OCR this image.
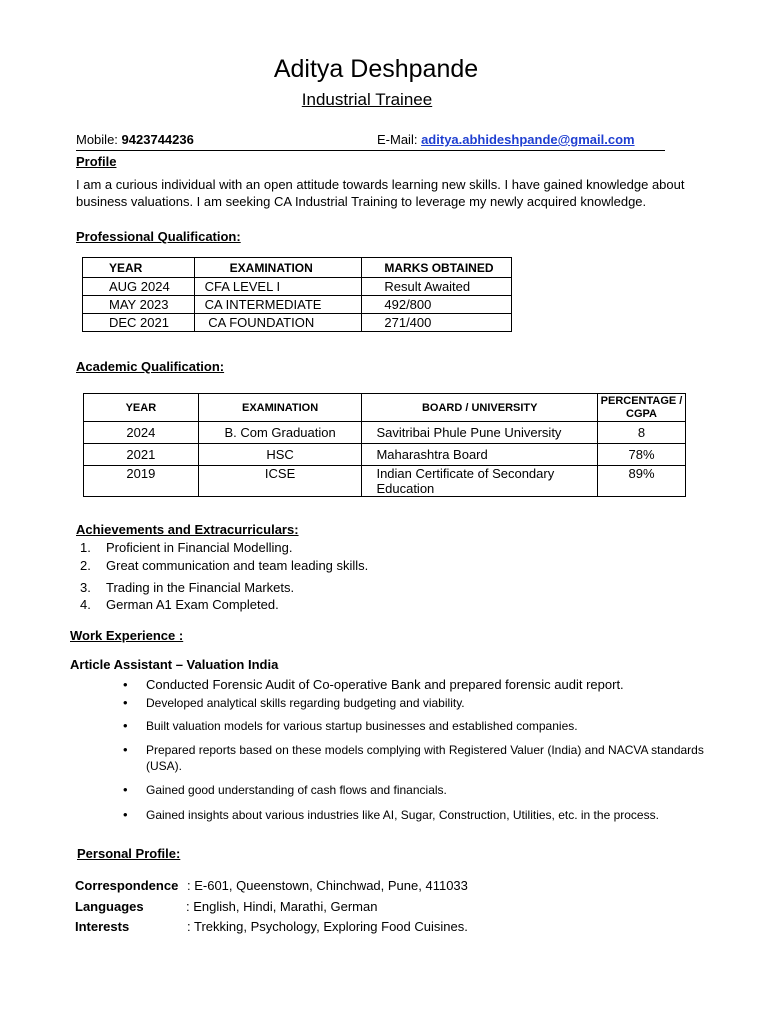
Aditya Deshpande
Industrial Trainee
Mobile: 9423744236	E-Mail: aditya.abhideshpande@gmail.com
Profile

I am a curious individual with an open attitude towards learning new skills. I have gained knowledge about business valuations. I am seeking CA Industrial Training to leverage my newly acquired knowledge.

Professional Qualification:
YEAR	EXAMINATION	MARKS OBTAINED
AUG 2024	CFA LEVEL I	Result Awaited
MAY 2023	CA INTERMEDIATE	492/800
DEC 2021	CA FOUNDATION	271/400
Academic Qualification:
YEAR	EXAMINATION	BOARD / UNIVERSITY	PERCENTAGE / CGPA
2024	B. Com Graduation	Savitribai Phule Pune University	8
2021	HSC	Maharashtra Board	78%
2019	ICSE	Indian Certificate of Secondary Education	89%
Achievements and Extracurriculars:
1. Proficient in Financial Modelling.
2. Great communication and team leading skills.
3. Trading in the Financial Markets.
4. German A1 Exam Completed.
Work Experience :
Article Assistant – Valuation India
• Conducted Forensic Audit of Co-operative Bank and prepared forensic audit report.
• Developed analytical skills regarding budgeting and viability.
• Built valuation models for various startup businesses and established companies.
• Prepared reports based on these models complying with Registered Valuer (India) and NACVA standards (USA).
• Gained good understanding of cash flows and financials.
• Gained insights about various industries like AI, Sugar, Construction, Utilities, etc. in the process.
Personal Profile:
Correspondence : E-601, Queenstown, Chinchwad, Pune, 411033
Languages	: English, Hindi, Marathi, German
Interests	: Trekking, Psychology, Exploring Food Cuisines.
